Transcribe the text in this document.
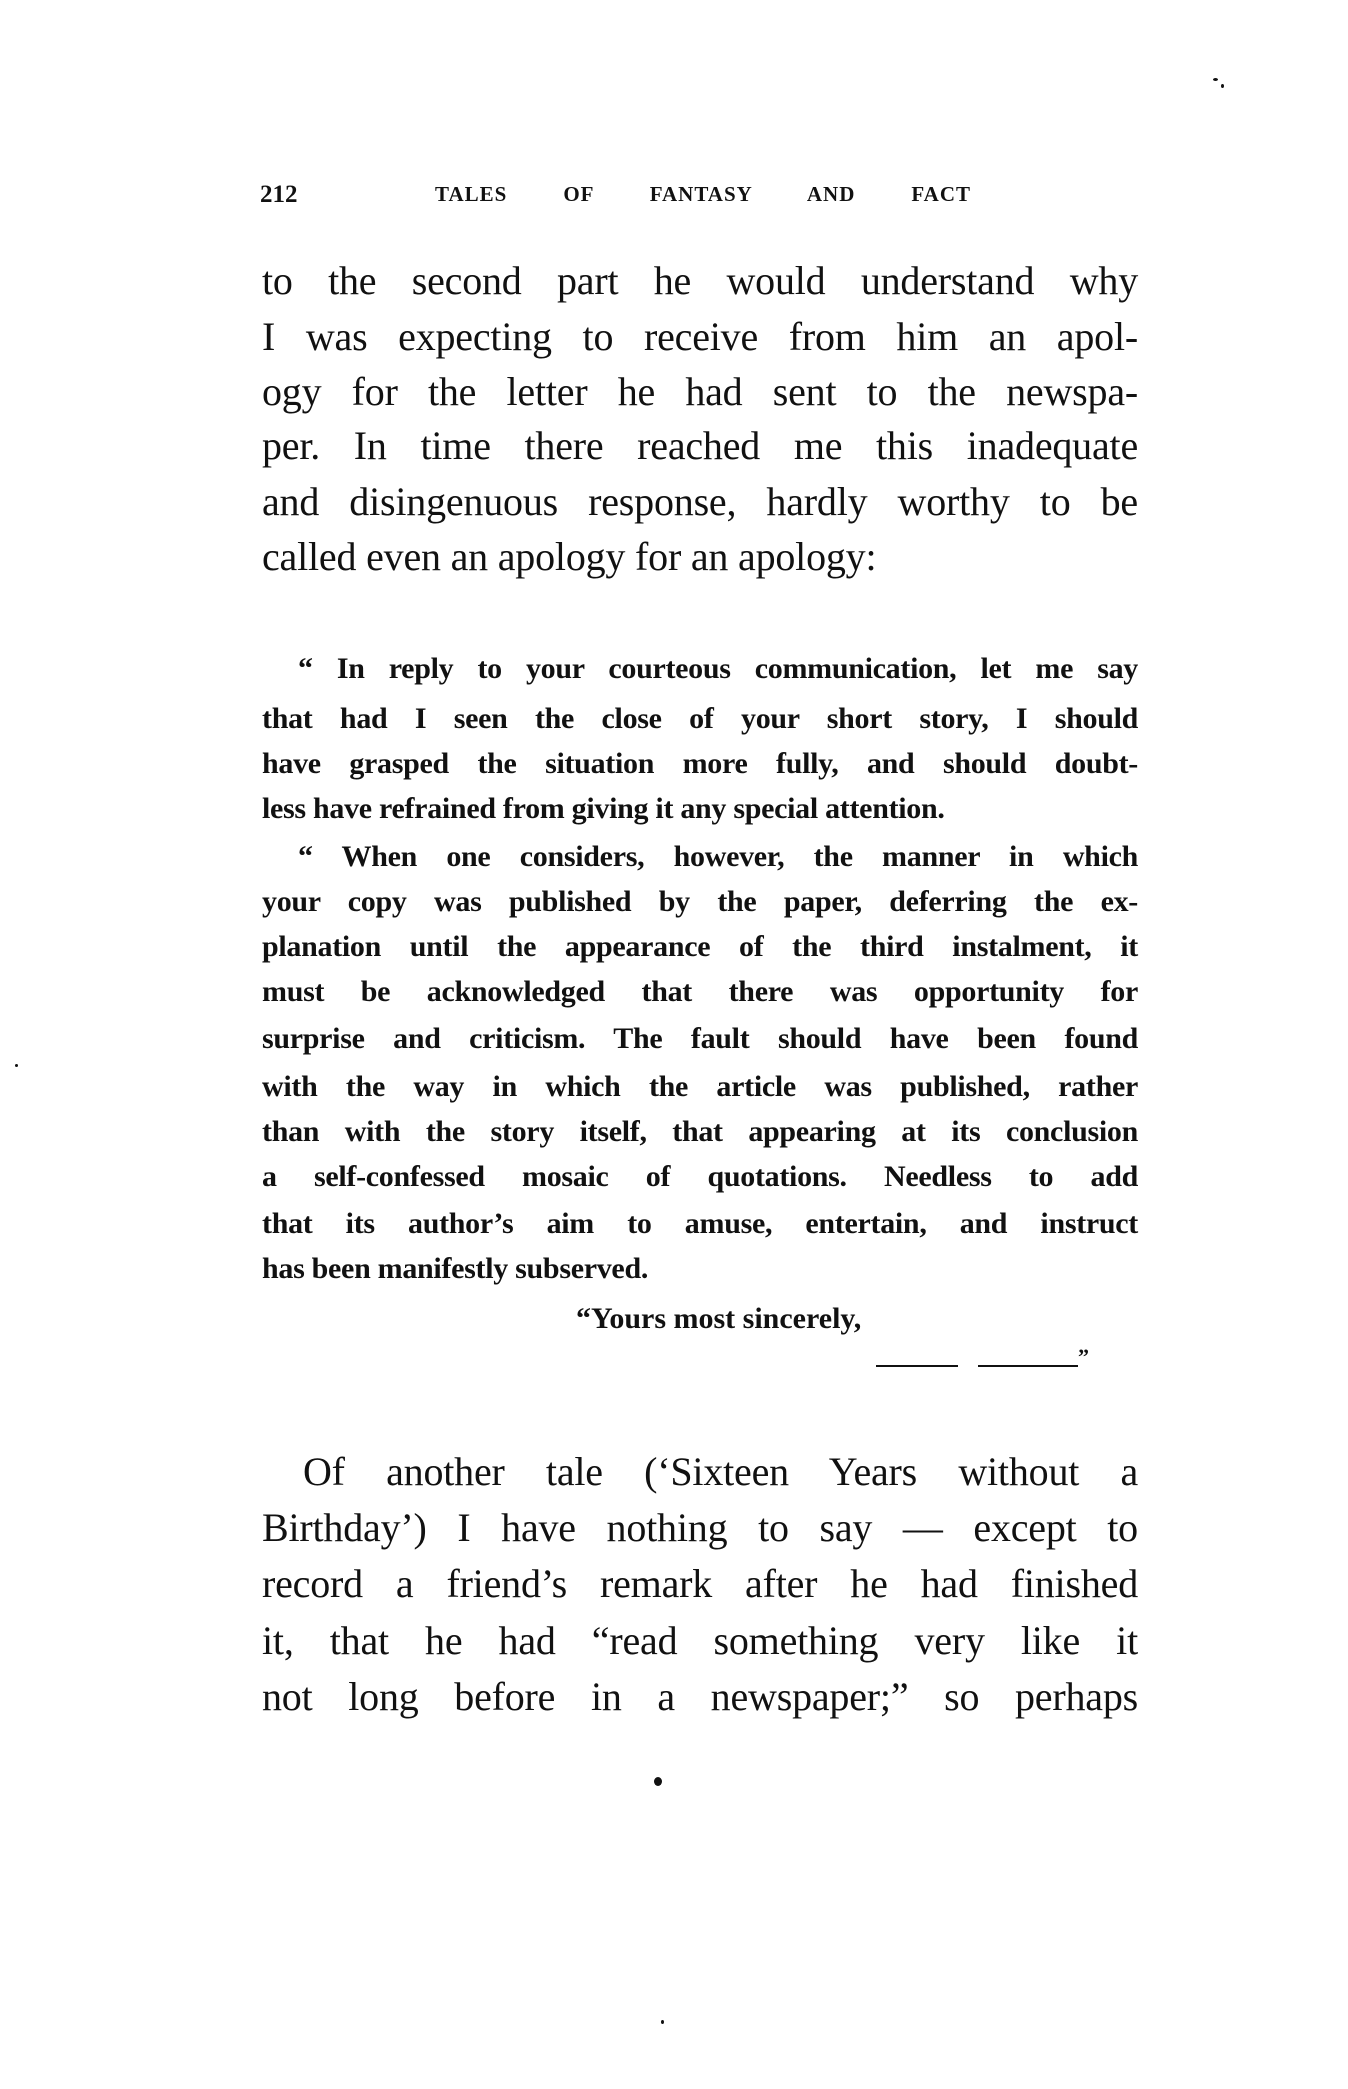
212	TALES OF FANTASY AND FACT
to the second part he would understand why
I was expecting to receive from him an apol-
ogy for the letter he had sent to the newspa-
per. In time there reached me this inadequate
and disingenuous response, hardly worthy to be
called even an apology for an apology:
“ In reply to your courteous communication, let me say
that had I seen the close of your short story, I should
have grasped the situation more fully, and should doubt-
less have refrained from giving it any special attention.
“ When one considers, however, the manner in which
your copy was published by the paper, deferring the ex-
planation until the appearance of the third instalment, it
must be acknowledged that there was opportunity for
surprise and criticism. The fault should have been found
with the way in which the article was published, rather
than with the story itself, that appearing at its conclusion
a self-confessed mosaic of quotations. Needless to add
that its author’s aim to amuse, entertain, and instruct
has been manifestly subserved.
“Yours most sincerely,
”
Of another tale (‘Sixteen Years without a
Birthday’) I have nothing to say — except to
record a friend’s remark after he had finished
it, that he had “read something very like it
not long before in a newspaper;” so perhaps
